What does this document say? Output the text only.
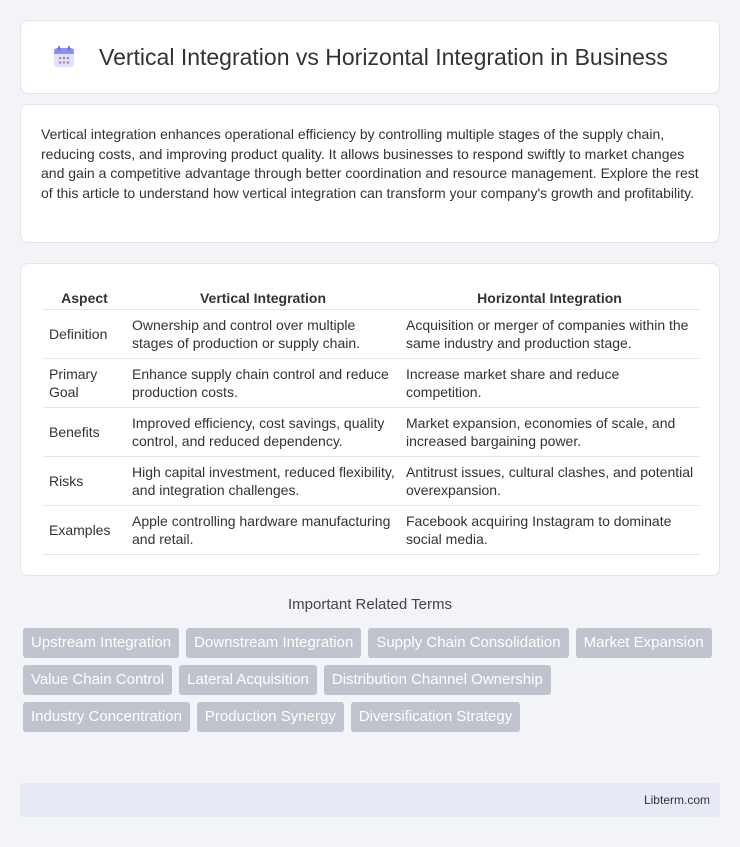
Vertical Integration vs Horizontal Integration in Business

Vertical integration enhances operational efficiency by controlling multiple stages of the supply chain, reducing costs, and improving product quality. It allows businesses to respond swiftly to market changes and gain a competitive advantage through better coordination and resource management. Explore the rest of this article to understand how vertical integration can transform your company's growth and profitability.

Aspect	Vertical Integration	Horizontal Integration
Definition	Ownership and control over multiple stages of production or supply chain.	Acquisition or merger of companies within the same industry and production stage.
Primary Goal	Enhance supply chain control and reduce production costs.	Increase market share and reduce competition.
Benefits	Improved efficiency, cost savings, quality control, and reduced dependency.	Market expansion, economies of scale, and increased bargaining power.
Risks	High capital investment, reduced flexibility, and integration challenges.	Antitrust issues, cultural clashes, and potential overexpansion.
Examples	Apple controlling hardware manufacturing and retail.	Facebook acquiring Instagram to dominate social media.
Important Related Terms
Upstream Integration	Downstream Integration	Supply Chain Consolidation	Market Expansion
Value Chain Control	Lateral Acquisition	Distribution Channel Ownership
Industry Concentration	Production Synergy	Diversification Strategy
Libterm.com
